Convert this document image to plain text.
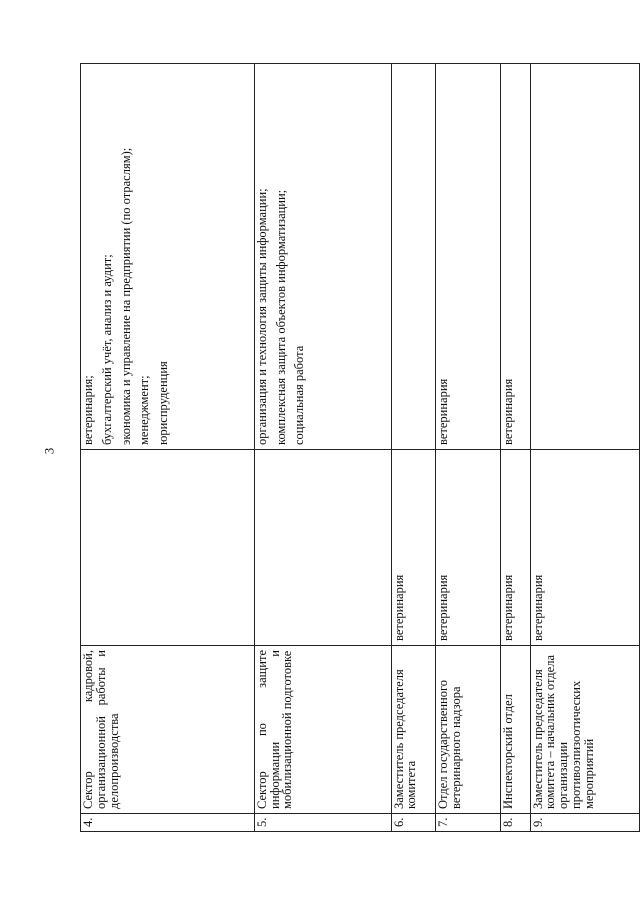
3
4.	Сектор кадровой, организационной работы и делопроизводства		ветеринария; бухгалтерский учёт, анализ и аудит; экономика и управление на предприятии (по отраслям); менеджмент; юриспруденция

5.	Сектор по защите информации и мобилизационной подготовке		организация и технология защиты информации; комплексная защита объектов информатизации; социальная работа

6.	Заместитель председателя комитета	ветеринария	

7.	Отдел государственного ветеринарного надзора	ветеринария	ветеринария

8.	Инспекторский отдел	ветеринария	ветеринария

9.	Заместитель председателя комитета – начальник отдела организации противоэпизоотических мероприятий	ветеринария	
